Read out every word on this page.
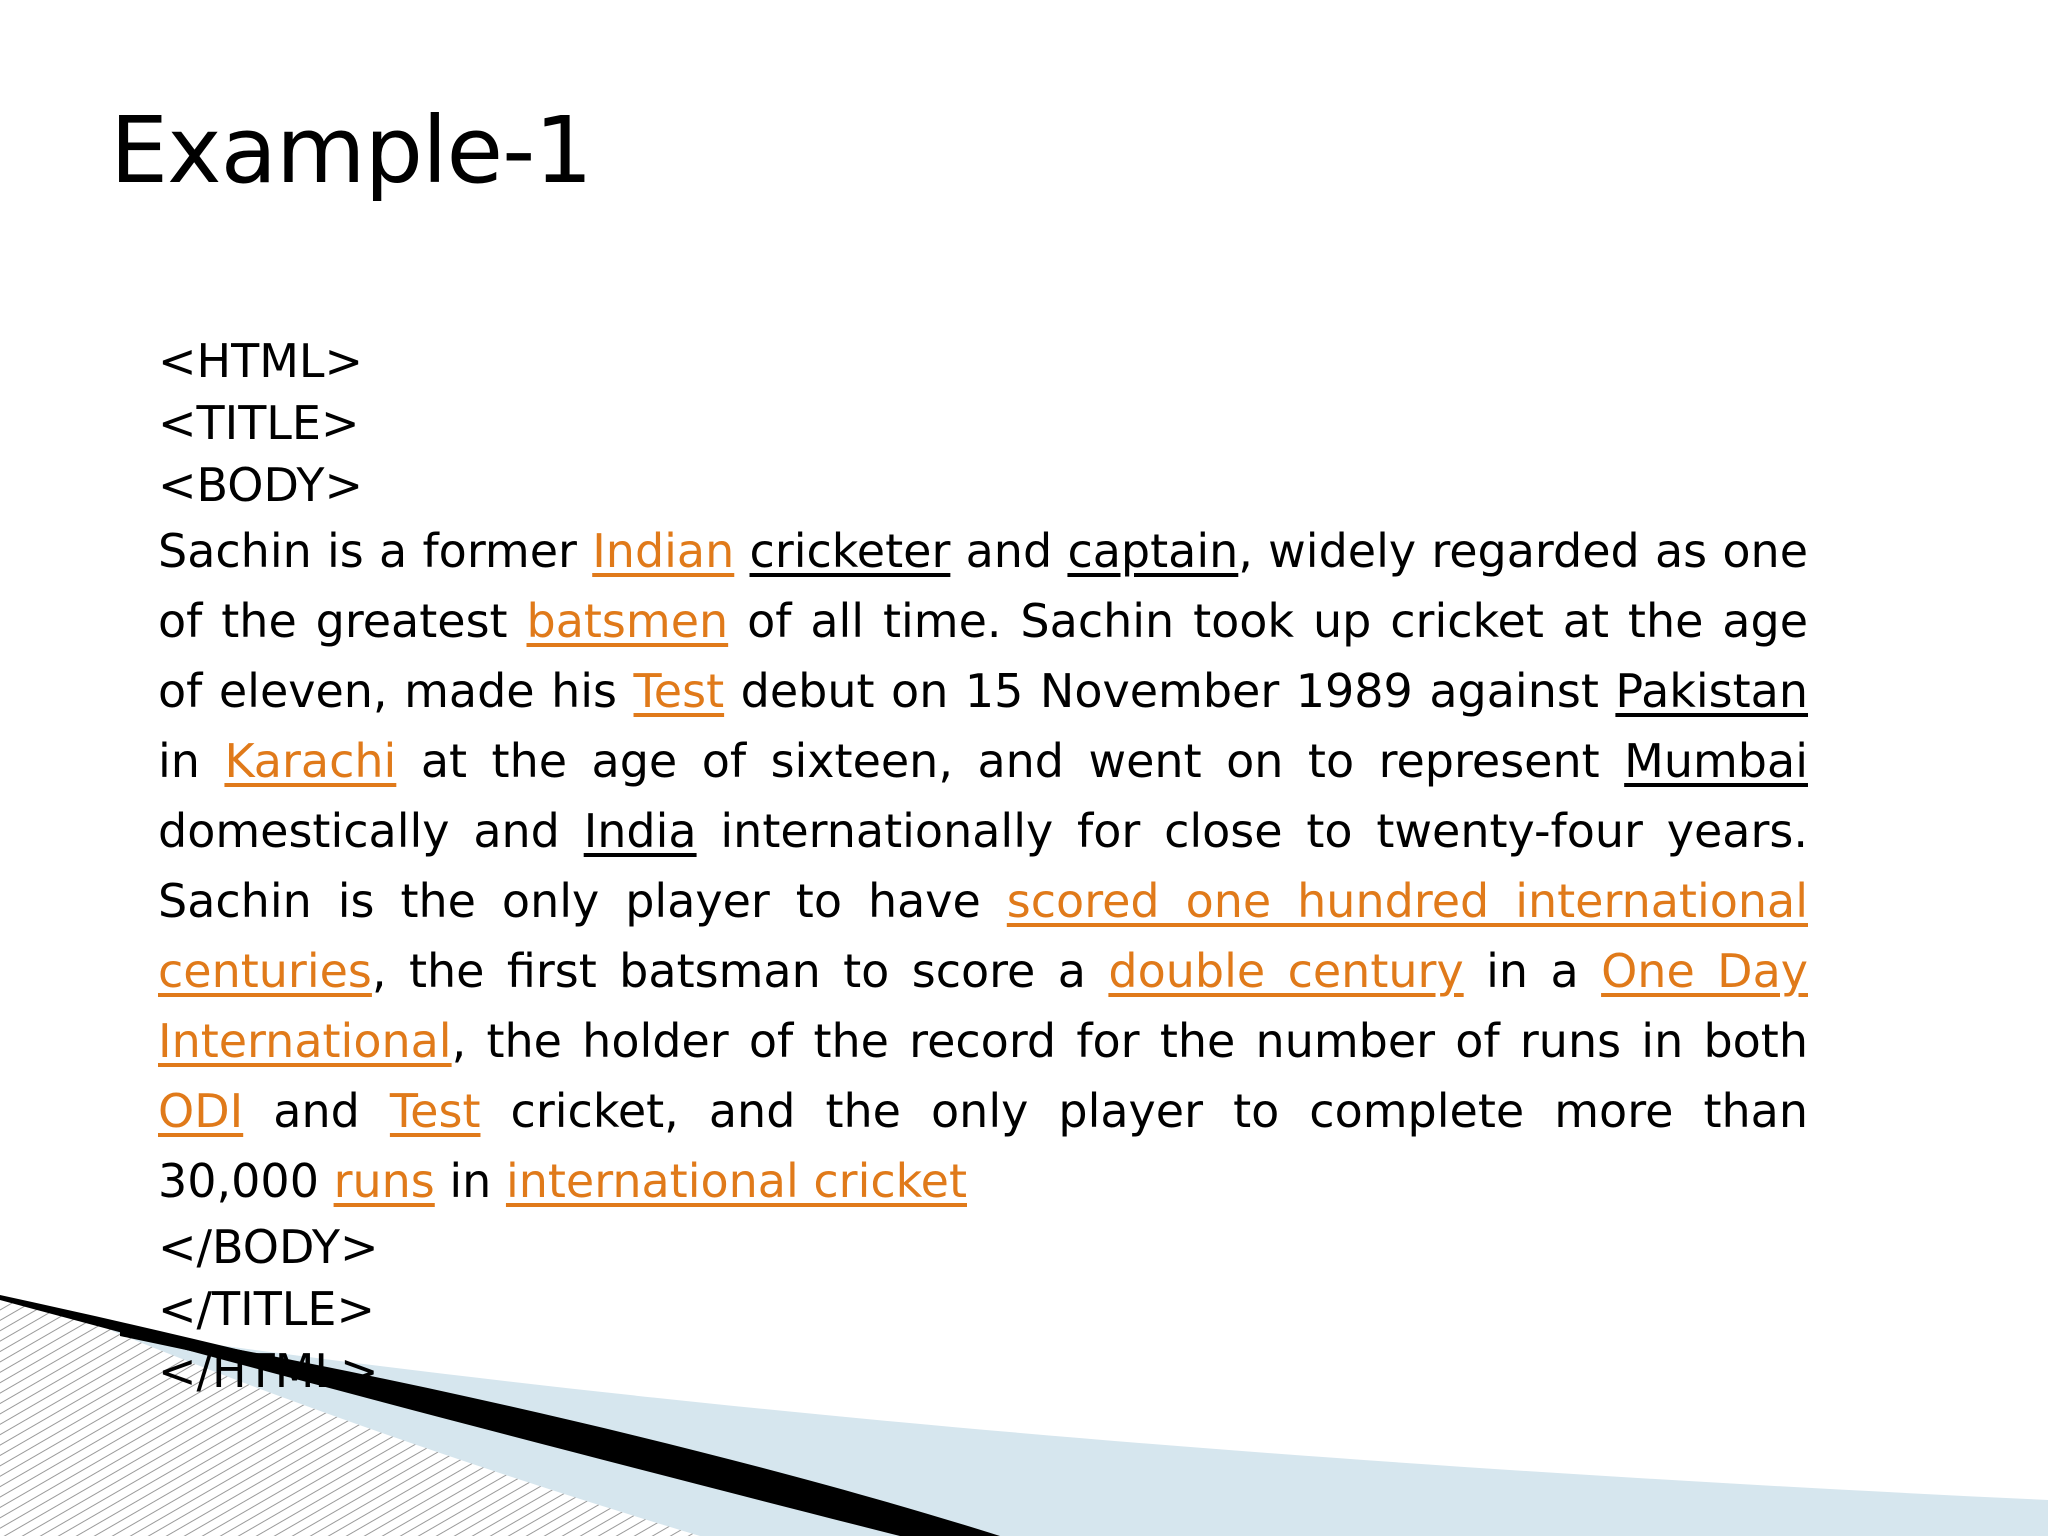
Example-1
<HTML>
<TITLE>
<BODY>

Sachin is a former Indian cricketer and captain, widely regarded as one of the greatest batsmen of all time. Sachin took up cricket at the age of eleven, made his Test debut on 15 November 1989 against Pakistan in Karachi at the age of sixteen, and went on to represent Mumbai domestically and India internationally for close to twenty-four years. Sachin is the only player to have scored one hundred international centuries, the first batsman to score a double century in a One Day International, the holder of the record for the number of runs in both ODI and Test cricket, and the only player to complete more than 30,000 runs in international cricket

</BODY>
</TITLE>
</HTML>
